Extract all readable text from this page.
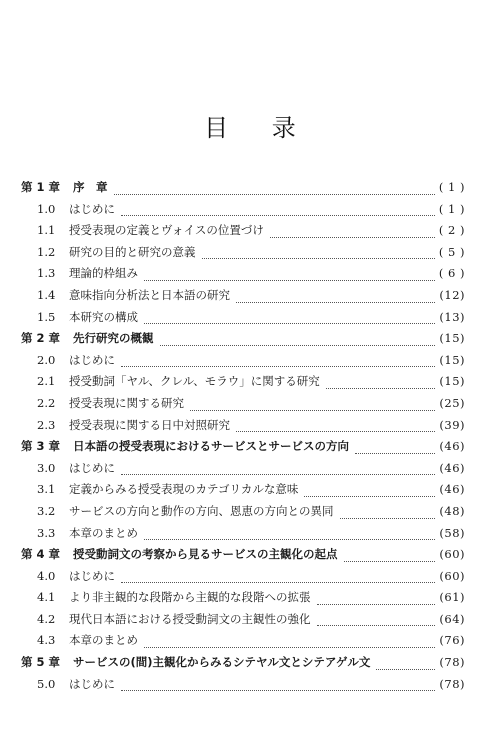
目 录
第 1 章	序　章	( 1 )
1.0	はじめに	( 1 )
1.1	授受表現の定義とヴォイスの位置づけ	( 2 )
1.2	研究の目的と研究の意義	( 5 )
1.3	理論的枠組み	( 6 )
1.4	意味指向分析法と日本語の研究	(12)
1.5	本研究の構成	(13)
第 2 章	先行研究の概観	(15)
2.0	はじめに	(15)
2.1	授受動詞「ヤル、クレル、モラウ」に関する研究	(15)
2.2	授受表現に関する研究	(25)
2.3	授受表現に関する日中対照研究	(39)
第 3 章	日本語の授受表現におけるサービスとサービスの方向	(46)
3.0	はじめに	(46)
3.1	定義からみる授受表現のカテゴリカルな意味	(46)
3.2	サービスの方向と動作の方向、恩恵の方向との異同	(48)
3.3	本章のまとめ	(58)
第 4 章	授受動詞文の考察から見るサービスの主観化の起点	(60)
4.0	はじめに	(60)
4.1	より非主観的な段階から主観的な段階への拡張	(61)
4.2	現代日本語における授受動詞文の主観性の強化	(64)
4.3	本章のまとめ	(76)
第 5 章	サービスの(間)主観化からみるシテヤル文とシテアゲル文	(78)
5.0	はじめに	(78)
